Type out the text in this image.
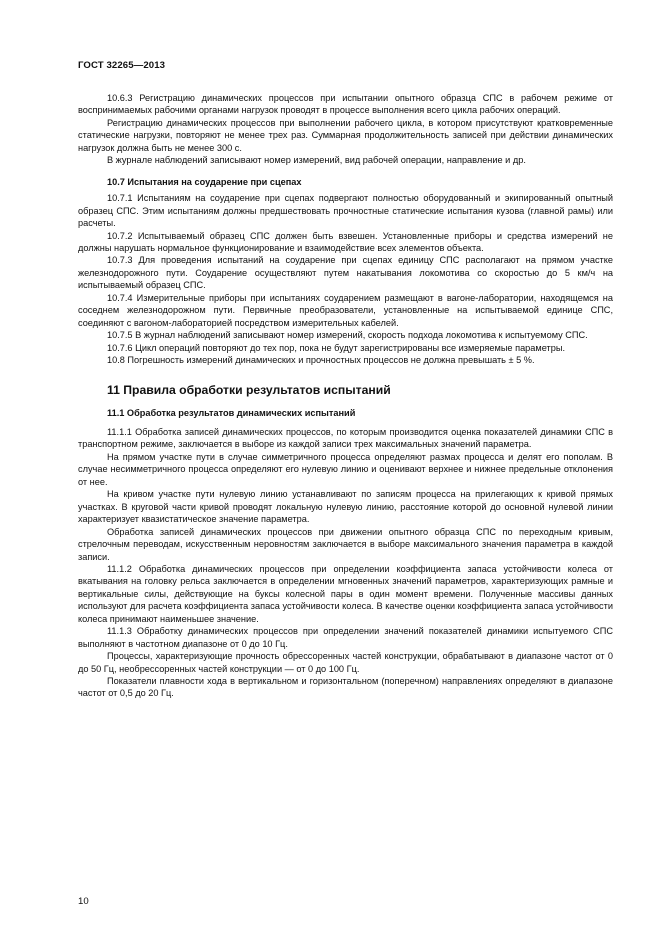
ГОСТ 32265—2013

10.6.3 Регистрацию динамических процессов при испытании опытного образца СПС в рабочем режиме от воспринимаемых рабочими органами нагрузок проводят в процессе выполнения всего цикла рабочих операций.

Регистрацию динамических процессов при выполнении рабочего цикла, в котором присутствуют кратковременные статические нагрузки, повторяют не менее трех раз. Суммарная продолжительность записей при действии динамических нагрузок должна быть не менее 300 с.

В журнале наблюдений записывают номер измерений, вид рабочей операции, направление и др.

10.7 Испытания на соударение при сцепах

10.7.1 Испытаниям на соударение при сцепах подвергают полностью оборудованный и экипированный опытный образец СПС. Этим испытаниям должны предшествовать прочностные статические испытания кузова (главной рамы) или расчеты.

10.7.2 Испытываемый образец СПС должен быть взвешен. Установленные приборы и средства измерений не должны нарушать нормальное функционирование и взаимодействие всех элементов объекта.

10.7.3 Для проведения испытаний на соударение при сцепах единицу СПС располагают на прямом участке железнодорожного пути. Соударение осуществляют путем накатывания локомотива со скоростью до 5 км/ч на испытываемый образец СПС.

10.7.4 Измерительные приборы при испытаниях соударением размещают в вагоне-лаборатории, находящемся на соседнем железнодорожном пути. Первичные преобразователи, установленные на испытываемой единице СПС, соединяют с вагоном-лабораторией посредством измерительных кабелей.

10.7.5 В журнал наблюдений записывают номер измерений, скорость подхода локомотива к испытуемому СПС.

10.7.6 Цикл операций повторяют до тех пор, пока не будут зарегистрированы все измеряемые параметры.

10.8 Погрешность измерений динамических и прочностных процессов не должна превышать ± 5 %.

11 Правила обработки результатов испытаний
11.1 Обработка результатов динамических испытаний

11.1.1 Обработка записей динамических процессов, по которым производится оценка показателей динамики СПС в транспортном режиме, заключается в выборе из каждой записи трех максимальных значений параметра.

На прямом участке пути в случае симметричного процесса определяют размах процесса и делят его пополам. В случае несимметричного процесса определяют его нулевую линию и оценивают верхнее и нижнее предельные отклонения от нее.

На кривом участке пути нулевую линию устанавливают по записям процесса на прилегающих к кривой прямых участках. В круговой части кривой проводят локальную нулевую линию, расстояние которой до основной нулевой линии характеризует квазистатическое значение параметра.

Обработка записей динамических процессов при движении опытного образца СПС по переходным кривым, стрелочным переводам, искусственным неровностям заключается в выборе максимального значения параметра в каждой записи.

11.1.2 Обработка динамических процессов при определении коэффициента запаса устойчивости колеса от вкатывания на головку рельса заключается в определении мгновенных значений параметров, характеризующих рамные и вертикальные силы, действующие на буксы колесной пары в один момент времени. Полученные массивы данных используют для расчета коэффициента запаса устойчивости колеса. В качестве оценки коэффициента запаса устойчивости колеса принимают наименьшее значение.

11.1.3 Обработку динамических процессов при определении значений показателей динамики испытуемого СПС выполняют в частотном диапазоне от 0 до 10 Гц.

Процессы, характеризующие прочность обрессоренных частей конструкции, обрабатывают в диапазоне частот от 0 до 50 Гц, необрессоренных частей конструкции — от 0 до 100 Гц.

Показатели плавности хода в вертикальном и горизонтальном (поперечном) направлениях определяют в диапазоне частот от 0,5 до 20 Гц.

10
